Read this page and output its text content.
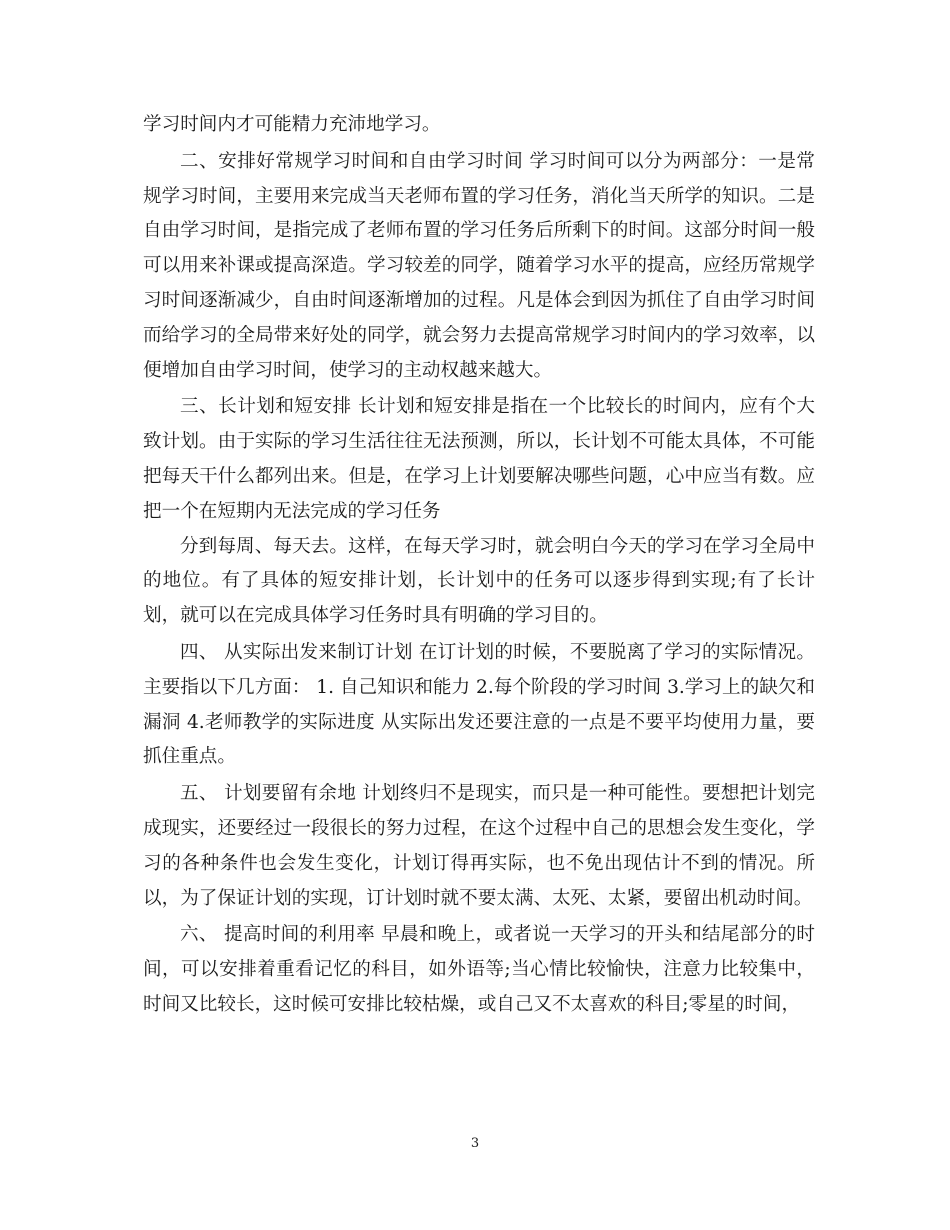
学习时间内才可能精力充沛地学习。

二、安排好常规学习时间和自由学习时间 学习时间可以分为两部分：一是常规学习时间，主要用来完成当天老师布置的学习任务，消化当天所学的知识。二是自由学习时间，是指完成了老师布置的学习任务后所剩下的时间。这部分时间一般可以用来补课或提高深造。学习较差的同学，随着学习水平的提高，应经历常规学习时间逐渐减少，自由时间逐渐增加的过程。凡是体会到因为抓住了自由学习时间而给学习的全局带来好处的同学，就会努力去提高常规学习时间内的学习效率，以便增加自由学习时间，使学习的主动权越来越大。

三、长计划和短安排 长计划和短安排是指在一个比较长的时间内，应有个大致计划。由于实际的学习生活往往无法预测，所以，长计划不可能太具体，不可能把每天干什么都列出来。但是，在学习上计划要解决哪些问题，心中应当有数。应把一个在短期内无法完成的学习任务

分到每周、每天去。这样，在每天学习时，就会明白今天的学习在学习全局中的地位。有了具体的短安排计划，长计划中的任务可以逐步得到实现;有了长计划，就可以在完成具体学习任务时具有明确的学习目的。

四、 从实际出发来制订计划 在订计划的时候，不要脱离了学习的实际情况。主要指以下几方面： 1. 自己知识和能力 2.每个阶段的学习时间 3.学习上的缺欠和漏洞 4.老师教学的实际进度 从实际出发还要注意的一点是不要平均使用力量，要抓住重点。

五、 计划要留有余地 计划终归不是现实，而只是一种可能性。要想把计划完成现实，还要经过一段很长的努力过程，在这个过程中自己的思想会发生变化，学习的各种条件也会发生变化，计划订得再实际，也不免出现估计不到的情况。所以，为了保证计划的实现，订计划时就不要太满、太死、太紧，要留出机动时间。

六、 提高时间的利用率 早晨和晚上，或者说一天学习的开头和结尾部分的时间，可以安排着重看记忆的科目，如外语等;当心情比较愉快，注意力比较集中，时间又比较长，这时候可安排比较枯燥，或自己又不太喜欢的科目;零星的时间，

3
